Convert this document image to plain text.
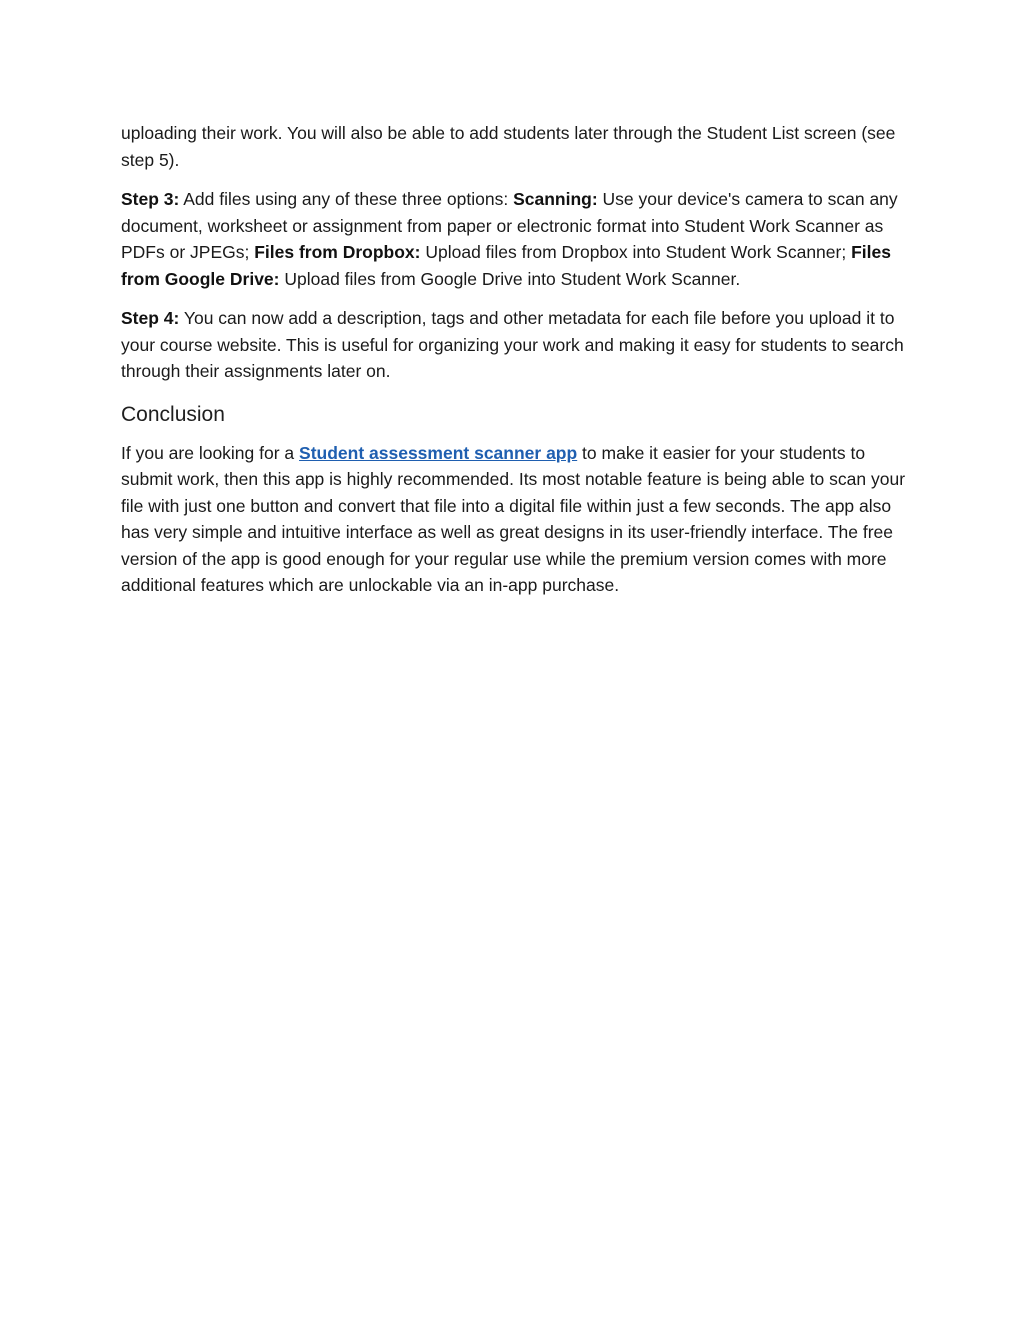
uploading their work. You will also be able to add students later through the Student List screen (see step 5).

Step 3: Add files using any of these three options: Scanning: Use your device's camera to scan any document, worksheet or assignment from paper or electronic format into Student Work Scanner as PDFs or JPEGs; Files from Dropbox: Upload files from Dropbox into Student Work Scanner; Files from Google Drive: Upload files from Google Drive into Student Work Scanner.

Step 4: You can now add a description, tags and other metadata for each file before you upload it to your course website. This is useful for organizing your work and making it easy for students to search through their assignments later on.

Conclusion

If you are looking for a Student assessment scanner app to make it easier for your students to submit work, then this app is highly recommended. Its most notable feature is being able to scan your file with just one button and convert that file into a digital file within just a few seconds. The app also has very simple and intuitive interface as well as great designs in its user-friendly interface. The free version of the app is good enough for your regular use while the premium version comes with more additional features which are unlockable via an in-app purchase.
